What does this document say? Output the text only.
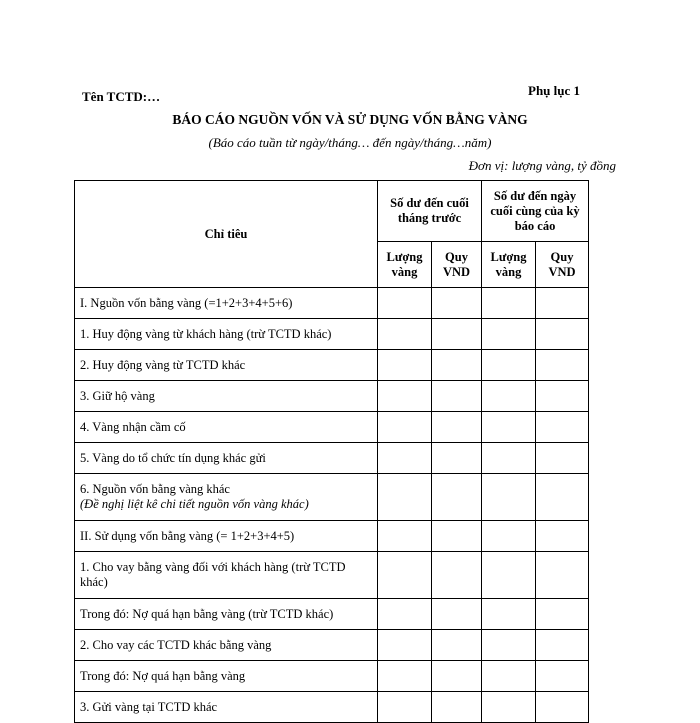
Tên TCTD:…	Phụ lục 1
BÁO CÁO NGUỒN VỐN VÀ SỬ DỤNG VỐN BẰNG VÀNG
(Báo cáo tuần từ ngày/tháng… đến ngày/tháng…năm)
Đơn vị: lượng vàng, tỷ đồng
Chỉ tiêu	Số dư đến cuối tháng trước		Số dư đến ngày cuối cùng của kỳ báo cáo	
	Lượng vàng	Quy VND	Lượng vàng	Quy VND
I. Nguồn vốn bằng vàng (=1+2+3+4+5+6)				
1. Huy động vàng từ khách hàng (trừ TCTD khác)				
2. Huy động vàng từ TCTD khác				
3. Giữ hộ vàng				
4. Vàng nhận cầm cố				
5. Vàng do tổ chức tín dụng khác gửi				
6. Nguồn vốn bằng vàng khác
(Đề nghị liệt kê chi tiết nguồn vốn vàng khác)				

II. Sử dụng vốn bằng vàng (= 1+2+3+4+5)				
1. Cho vay bằng vàng đối với khách hàng (trừ TCTD khác)				
Trong đó: Nợ quá hạn bằng vàng (trừ TCTD khác)				
2. Cho vay các TCTD khác bằng vàng				
Trong đó: Nợ quá hạn bằng vàng				
3. Gửi vàng tại TCTD khác				
